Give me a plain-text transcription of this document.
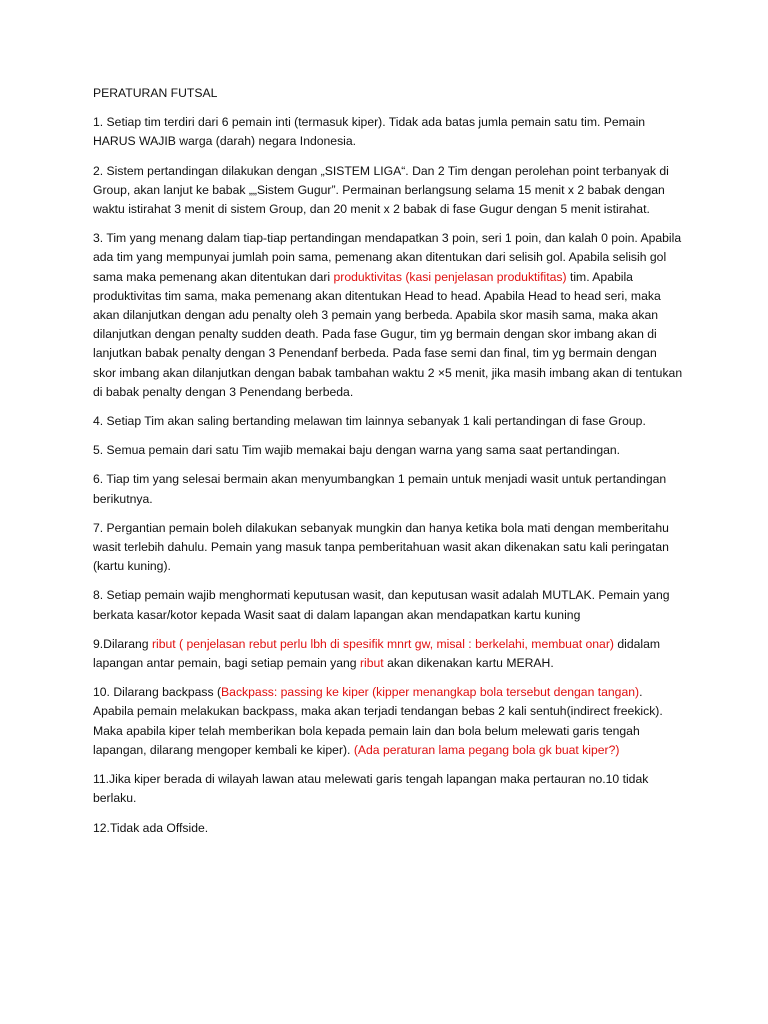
PERATURAN FUTSAL

1. Setiap tim terdiri dari 6 pemain inti (termasuk kiper). Tidak ada batas jumla pemain satu tim. Pemain HARUS WAJIB warga (darah) negara Indonesia.

2. Sistem pertandingan dilakukan dengan „SISTEM LIGA“. Dan 2 Tim dengan perolehan point terbanyak di Group, akan lanjut ke babak „„Sistem Gugur”. Permainan berlangsung selama 15 menit x 2 babak dengan waktu istirahat 3 menit di sistem Group, dan 20 menit x 2 babak di fase Gugur dengan 5 menit istirahat.

3. Tim yang menang dalam tiap-tiap pertandingan mendapatkan 3 poin, seri 1 poin, dan kalah 0 poin. Apabila ada tim yang mempunyai jumlah poin sama, pemenang akan ditentukan dari selisih gol. Apabila selisih gol sama maka pemenang akan ditentukan dari produktivitas (kasi penjelasan produktifitas) tim. Apabila produktivitas tim sama, maka pemenang akan ditentukan Head to head. Apabila Head to head seri, maka akan dilanjutkan dengan adu penalty oleh 3 pemain yang berbeda. Apabila skor masih sama, maka akan dilanjutkan dengan penalty sudden death. Pada fase Gugur, tim yg bermain dengan skor imbang akan di lanjutkan babak penalty dengan 3 Penendanf berbeda. Pada fase semi dan final, tim yg bermain dengan skor imbang akan dilanjutkan dengan babak tambahan waktu 2 ×5 menit, jika masih imbang akan di tentukan di babak penalty dengan 3 Penendang berbeda.

4. Setiap Tim akan saling bertanding melawan tim lainnya sebanyak 1 kali pertandingan di fase Group.

5. Semua pemain dari satu Tim wajib memakai baju dengan warna yang sama saat pertandingan.

6. Tiap tim yang selesai bermain akan menyumbangkan 1 pemain untuk menjadi wasit untuk pertandingan berikutnya.

7. Pergantian pemain boleh dilakukan sebanyak mungkin dan hanya ketika bola mati dengan memberitahu wasit terlebih dahulu. Pemain yang masuk tanpa pemberitahuan wasit akan dikenakan satu kali peringatan (kartu kuning).

8. Setiap pemain wajib menghormati keputusan wasit, dan keputusan wasit adalah MUTLAK. Pemain yang berkata kasar/kotor kepada Wasit saat di dalam lapangan akan mendapatkan kartu kuning

9.Dilarang ribut ( penjelasan rebut perlu lbh di spesifik mnrt gw, misal : berkelahi, membuat onar) didalam lapangan antar pemain, bagi setiap pemain yang ribut akan dikenakan kartu MERAH.

10. Dilarang backpass (Backpass: passing ke kiper (kipper menangkap bola tersebut dengan tangan). Apabila pemain melakukan backpass, maka akan terjadi tendangan bebas 2 kali sentuh(indirect freekick). Maka apabila kiper telah memberikan bola kepada pemain lain dan bola belum melewati garis tengah lapangan, dilarang mengoper kembali ke kiper). (Ada peraturan lama pegang bola gk buat kiper?)

11.Jika kiper berada di wilayah lawan atau melewati garis tengah lapangan maka pertauran no.10 tidak berlaku.

12.Tidak ada Offside.
